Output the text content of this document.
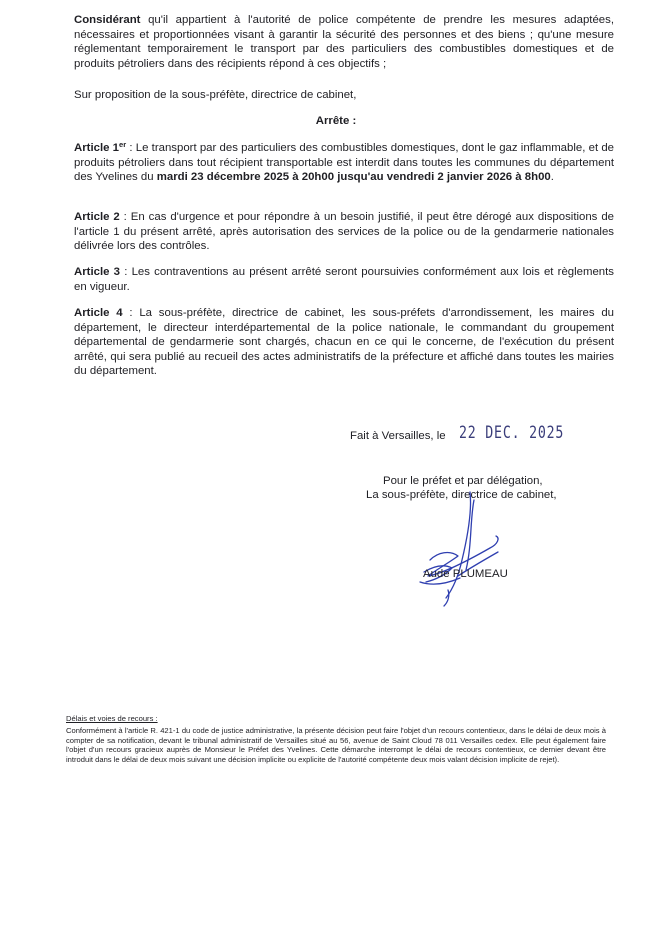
Considérant qu'il appartient à l'autorité de police compétente de prendre les mesures adaptées, nécessaires et proportionnées visant à garantir la sécurité des personnes et des biens ; qu'une mesure réglementant temporairement le transport par des particuliers des combustibles domestiques et de produits pétroliers dans des récipients répond à ces objectifs ;

Sur proposition de la sous-préfète, directrice de cabinet,

Arrête :

Article 1er : Le transport par des particuliers des combustibles domestiques, dont le gaz inflammable, et de produits pétroliers dans tout récipient transportable est interdit dans toutes les communes du département des Yvelines du mardi 23 décembre 2025 à 20h00 jusqu'au vendredi 2 janvier 2026 à 8h00.

Article 2 : En cas d'urgence et pour répondre à un besoin justifié, il peut être dérogé aux dispositions de l'article 1 du présent arrêté, après autorisation des services de la police ou de la gendarmerie nationales délivrée lors des contrôles.

Article 3 : Les contraventions au présent arrêté seront poursuivies conformément aux lois et règlements en vigueur.

Article 4 : La sous-préfète, directrice de cabinet, les sous-préfets d'arrondissement, les maires du département, le directeur interdépartemental de la police nationale, le commandant du groupement départemental de gendarmerie sont chargés, chacun en ce qui le concerne, de l'exécution du présent arrêté, qui sera publié au recueil des actes administratifs de la préfecture et affiché dans toutes les mairies du département.

Fait à Versailles, le 22 DEC. 2025
Pour le préfet et par délégation,
La sous-préfète, directrice de cabinet,
Aude PLUMEAU
Délais et voies de recours :
Conformément à l'article R. 421-1 du code de justice administrative, la présente décision peut faire l'objet d'un recours contentieux, dans le délai de deux mois à compter de sa notification, devant le tribunal administratif de Versailles situé au 56, avenue de Saint Cloud 78 011 Versailles cedex. Elle peut également faire l'objet d'un recours gracieux auprès de Monsieur le Préfet des Yvelines. Cette démarche interrompt le délai de recours contentieux, ce dernier devant être introduit dans le délai de deux mois suivant une décision implicite ou explicite de l'autorité compétente deux mois valant décision implicite de rejet).
